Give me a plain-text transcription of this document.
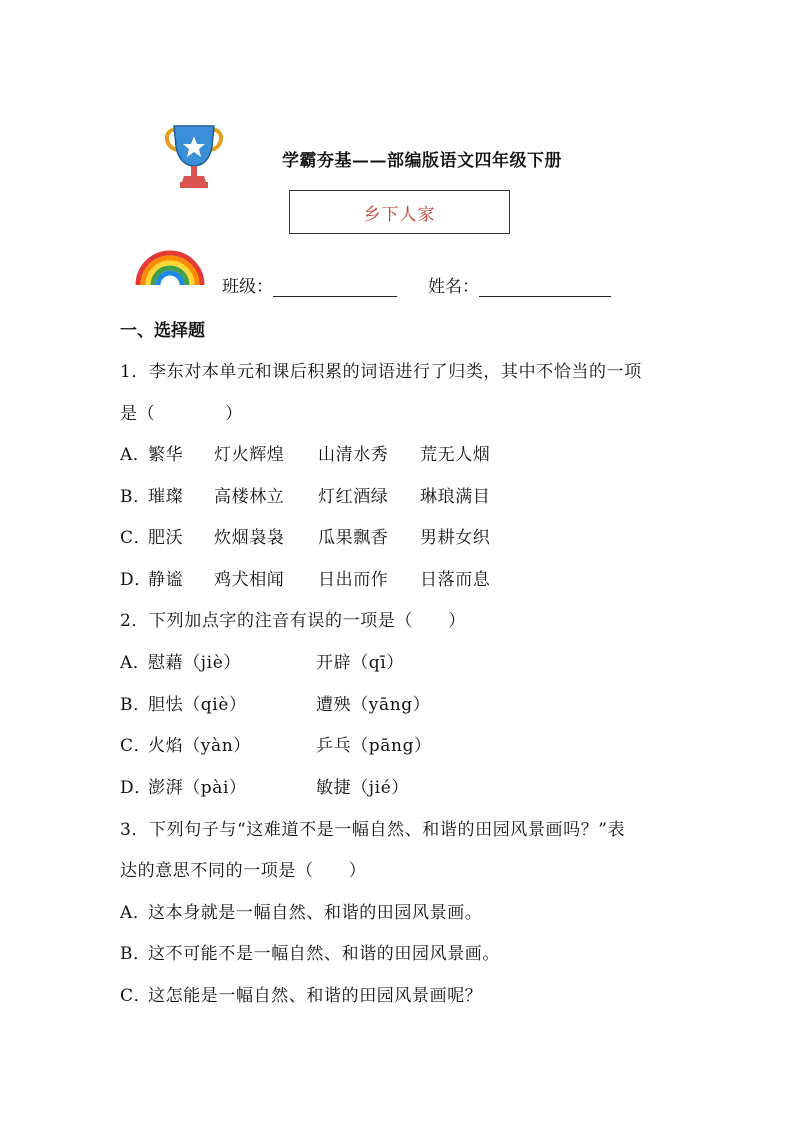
学霸夯基——部编版语文四年级下册
乡下人家
班级：	姓名：
一、选择题
1．李东对本单元和课后积累的词语进行了归类，其中不恰当的一项
是（	）
A．繁华 灯火辉煌 山清水秀 荒无人烟
B．璀璨 高楼林立 灯红酒绿 琳琅满目
C．肥沃 炊烟袅袅 瓜果飘香 男耕女织
D．静谧 鸡犬相闻 日出而作 日落而息
2．下列加点字的注音有误的一项是（　　）
A．慰藉（jiè）	开辟（qī）
B．胆怯（qiè）	遭殃（yāng）
C．火焰（yàn）	乒乓（pāng）
D．澎湃（pài）	敏捷（jié）
3．下列句子与“这难道不是一幅自然、和谐的田园风景画吗？”表
达的意思不同的一项是（　　）
A．这本身就是一幅自然、和谐的田园风景画。
B．这不可能不是一幅自然、和谐的田园风景画。
C．这怎能是一幅自然、和谐的田园风景画呢？
